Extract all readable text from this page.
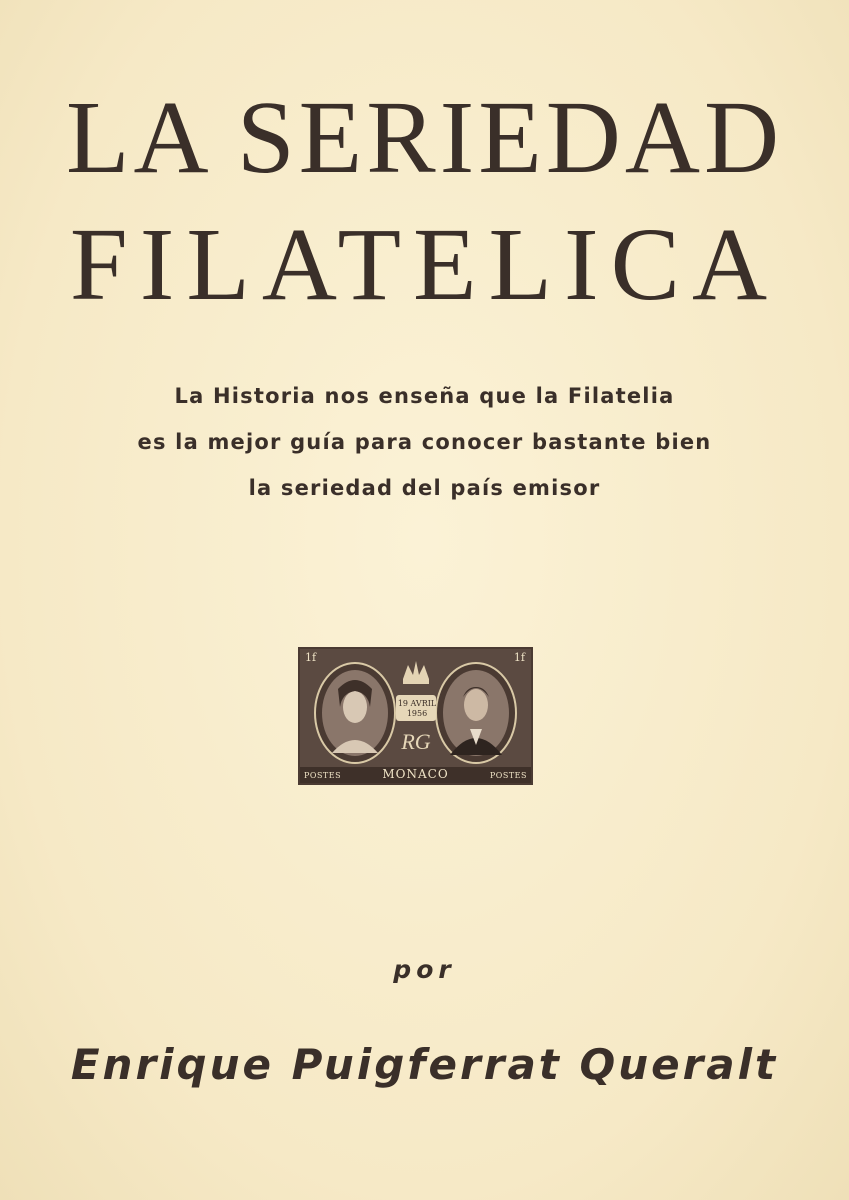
LA SERIEDAD
FILATELICA
La Historia nos enseña que la Filatelia
es la mejor guía para conocer bastante bien
la seriedad del país emisor
RG
1f	1f
19 AVRIL
1956
POSTES	MONACO	POSTES
por
Enrique Puigferrat Queralt
